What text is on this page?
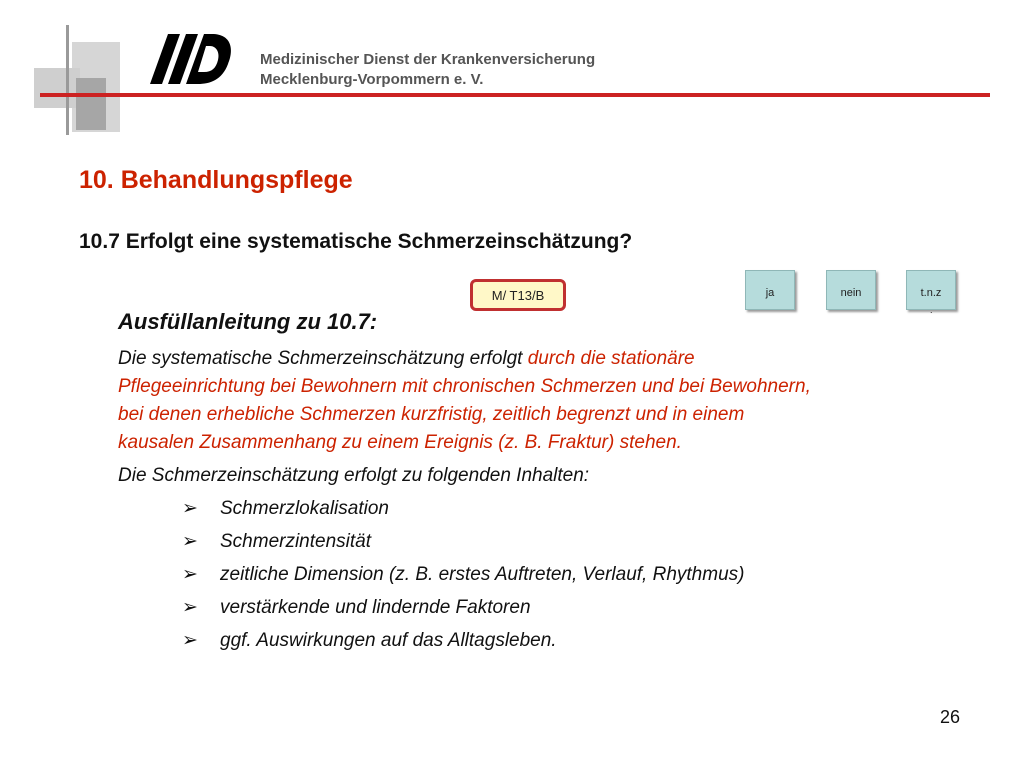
Medizinischer Dienst der Krankenversicherung
Mecklenburg-Vorpommern e. V.
10. Behandlungspflege
10.7 Erfolgt eine systematische Schmerzeinschätzung?
M/ T13/B	ja	nein	t.n.z
.
Ausfüllanleitung zu 10.7:
Die systematische Schmerzeinschätzung erfolgt durch die stationäre
Pflegeeinrichtung bei Bewohnern mit chronischen Schmerzen und bei Bewohnern,
bei denen erhebliche Schmerzen kurzfristig, zeitlich begrenzt und in einem
kausalen Zusammenhang zu einem Ereignis (z. B. Fraktur) stehen.
Die Schmerzeinschätzung erfolgt zu folgenden Inhalten:
➢ Schmerzlokalisation
➢ Schmerzintensität
➢ zeitliche Dimension (z. B. erstes Auftreten, Verlauf, Rhythmus)
➢ verstärkende und lindernde Faktoren
➢ ggf. Auswirkungen auf das Alltagsleben.
26
